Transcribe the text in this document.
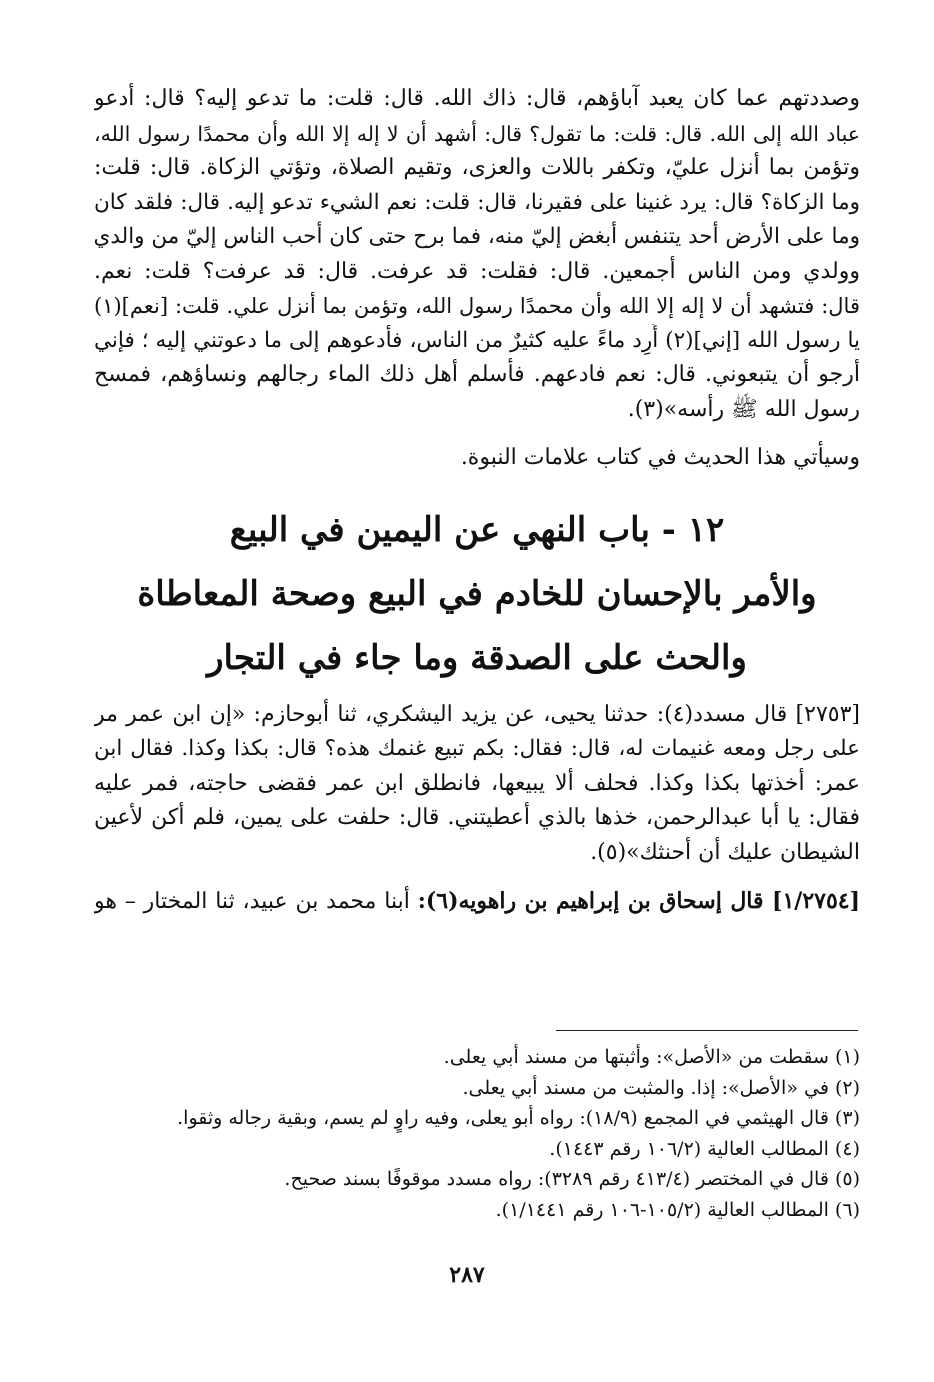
وصددتهم عما كان يعبد آباؤهم، قال: ذاك الله. قال: قلت: ما تدعو إليه؟ قال: أدعو
عباد الله إلى الله. قال: قلت: ما تقول؟ قال: أشهد أن لا إله إلا الله وأن محمدًا رسول الله،
وتؤمن بما أنزل عليّ، وتكفر باللات والعزى، وتقيم الصلاة، وتؤتي الزكاة. قال: قلت:
وما الزكاة؟ قال: يرد غنينا على فقيرنا، قال: قلت: نعم الشيء تدعو إليه. قال: فلقد كان
وما على الأرض أحد يتنفس أبغض إليّ منه، فما برح حتى كان أحب الناس إليّ من والدي
وولدي ومن الناس أجمعين. قال: فقلت: قد عرفت. قال: قد عرفت؟ قلت: نعم.
قال: فتشهد أن لا إله إلا الله وأن محمدًا رسول الله، وتؤمن بما أنزل علي. قلت: [نعم](١)
يا رسول الله [إني](٢) أَرِد ماءً عليه كثيرٌ من الناس، فأدعوهم إلى ما دعوتني إليه ؛ فإني
أرجو أن يتبعوني. قال: نعم فادعهم. فأسلم أهل ذلك الماء رجالهم ونساؤهم، فمسح
رسول الله ﷺ رأسه»(٣).
وسيأتي هذا الحديث في كتاب علامات النبوة.
١٢ - باب النهي عن اليمين في البيع
والأمر بالإحسان للخادم في البيع وصحة المعاطاة
والحث على الصدقة وما جاء في التجار
[٢٧٥٣] قال مسدد(٤): حدثنا يحيى، عن يزيد اليشكري، ثنا أبوحازم: «إن ابن عمر مر
على رجل ومعه غنيمات له، قال: فقال: بكم تبيع غنمك هذه؟ قال: بكذا وكذا. فقال ابن
عمر: أخذتها بكذا وكذا. فحلف ألا يبيعها، فانطلق ابن عمر فقضى حاجته، فمر عليه
فقال: يا أبا عبدالرحمن، خذها بالذي أعطيتني. قال: حلفت على يمين، فلم أكن لأعين
الشيطان عليك أن أحنثك»(٥).
[١/٢٧٥٤] قال إسحاق بن إبراهيم بن راهويه(٦): أبنا محمد بن عبيد، ثنا المختار – هو
(١) سقطت من «الأصل»: وأثبتها من مسند أبي يعلى.
(٢) في «الأصل»: إذا. والمثبت من مسند أبي يعلى.
(٣) قال الهيثمي في المجمع (١٨/٩): رواه أبو يعلى، وفيه راوٍ لم يسم، وبقية رجاله وثقوا.
(٤) المطالب العالية (١٠٦/٢ رقم ١٤٤٣).
(٥) قال في المختصر (٤١٣/٤ رقم ٣٢٨٩): رواه مسدد موقوفًا بسند صحيح.
(٦) المطالب العالية (١٠٥/٢-١٠٦ رقم ١/١٤٤١).
٢٨٧
